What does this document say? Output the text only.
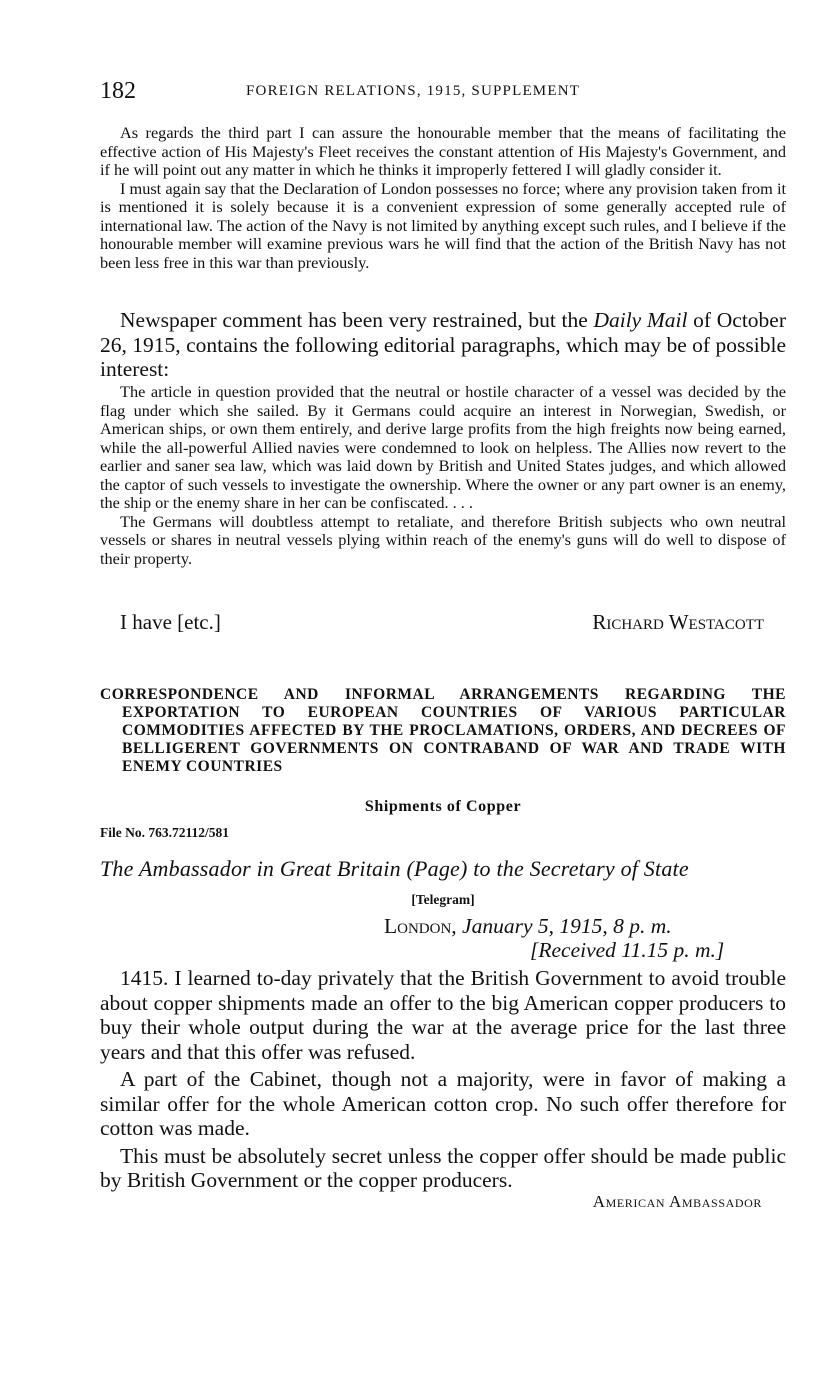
182	FOREIGN RELATIONS, 1915, SUPPLEMENT

As regards the third part I can assure the honourable member that the means of facilitating the effective action of His Majesty's Fleet receives the constant attention of His Majesty's Government, and if he will point out any matter in which he thinks it improperly fettered I will gladly consider it.

I must again say that the Declaration of London possesses no force; where any provision taken from it is mentioned it is solely because it is a convenient expression of some generally accepted rule of international law. The action of the Navy is not limited by anything except such rules, and I believe if the honourable member will examine previous wars he will find that the action of the British Navy has not been less free in this war than previously.

Newspaper comment has been very restrained, but the Daily Mail of October 26, 1915, contains the following editorial paragraphs, which may be of possible interest:

The article in question provided that the neutral or hostile character of a vessel was decided by the flag under which she sailed. By it Germans could acquire an interest in Norwegian, Swedish, or American ships, or own them entirely, and derive large profits from the high freights now being earned, while the all-powerful Allied navies were condemned to look on helpless. The Allies now revert to the earlier and saner sea law, which was laid down by British and United States judges, and which allowed the captor of such vessels to investigate the ownership. Where the owner or any part owner is an enemy, the ship or the enemy share in her can be confiscated. . . .

The Germans will doubtless attempt to retaliate, and therefore British subjects who own neutral vessels or shares in neutral vessels plying within reach of the enemy's guns will do well to dispose of their property.

I have [etc.]	Richard Westacott

CORRESPONDENCE AND INFORMAL ARRANGEMENTS REGARDING THE EXPORTATION TO EUROPEAN COUNTRIES OF VARIOUS PARTICULAR COMMODITIES AFFECTED BY THE PROCLAMATIONS, ORDERS, AND DECREES OF BELLIGERENT GOVERNMENTS ON CONTRABAND OF WAR AND TRADE WITH ENEMY COUNTRIES

Shipments of Copper
File No. 763.72112/581
The Ambassador in Great Britain (Page) to the Secretary of State
[Telegram]
London, January 5, 1915, 8 p. m.
[Received 11.15 p. m.]

1415. I learned to-day privately that the British Government to avoid trouble about copper shipments made an offer to the big American copper producers to buy their whole output during the war at the average price for the last three years and that this offer was refused.

A part of the Cabinet, though not a majority, were in favor of making a similar offer for the whole American cotton crop. No such offer therefore for cotton was made.

This must be absolutely secret unless the copper offer should be made public by British Government or the copper producers.

American Ambassador
